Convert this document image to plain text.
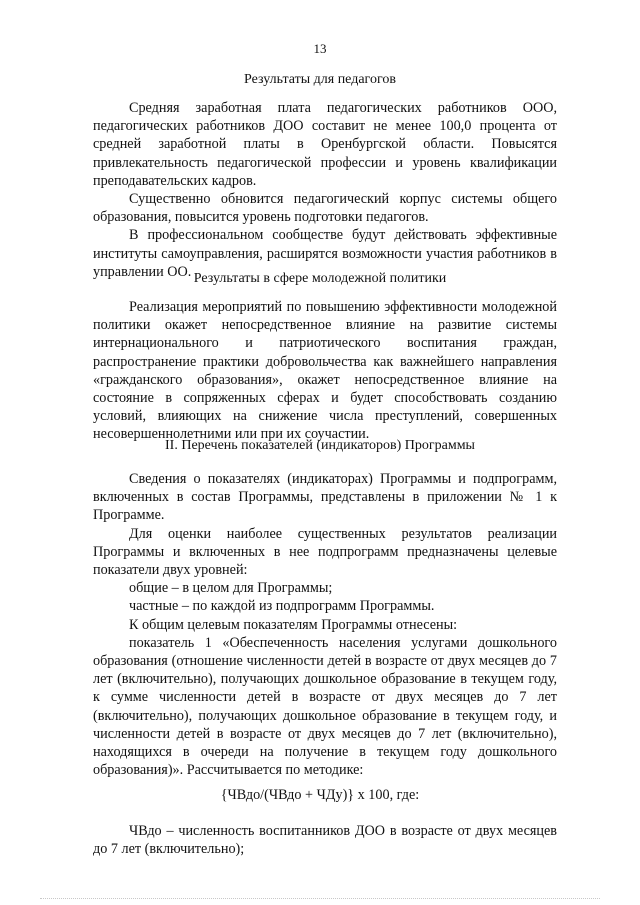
13
Результаты для педагогов

Средняя заработная плата педагогических работников ООО, педагогических работников ДОО составит не менее 100,0 процента от средней заработной платы в Оренбургской области. Повысятся привлекательность педагогической профессии и уровень квалификации преподавательских кадров.

Существенно обновится педагогический корпус системы общего образования, повысится уровень подготовки педагогов.

В профессиональном сообществе будут действовать эффективные институты самоуправления, расширятся возможности участия работников в управлении ОО. Результаты в сфере молодежной политики

Реализация мероприятий по повышению эффективности молодежной политики окажет непосредственное влияние на развитие системы интернационального и патриотического воспитания граждан, распространение практики добровольчества как важнейшего направления «гражданского образования», окажет непосредственное влияние на состояние в сопряженных сферах и будет способствовать созданию условий, влияющих на снижение числа преступлений, совершенных несовершеннолетними или при их соучастии.

II. Перечень показателей (индикаторов) Программы

Сведения о показателях (индикаторах) Программы и подпрограмм, включенных в состав Программы, представлены в приложении № 1 к Программе.

Для оценки наиболее существенных результатов реализации Программы и включенных в нее подпрограмм предназначены целевые показатели двух уровней:

общие – в целом для Программы;

частные – по каждой из подпрограмм Программы.

К общим целевым показателям Программы отнесены:

показатель 1 «Обеспеченность населения услугами дошкольного образования (отношение численности детей в возрасте от двух месяцев до 7 лет (включительно), получающих дошкольное образование в текущем году, к сумме численности детей в возрасте от двух месяцев до 7 лет (включительно), получающих дошкольное образование в текущем году, и численности детей в возрасте от двух месяцев до 7 лет (включительно), находящихся в очереди на получение в текущем году дошкольного образования)». Рассчитывается по методике:

{ЧВдо/(ЧВдо + ЧДу)} х 100, где:

ЧВдо – численность воспитанников ДОО в возрасте от двух месяцев до 7 лет (включительно);
